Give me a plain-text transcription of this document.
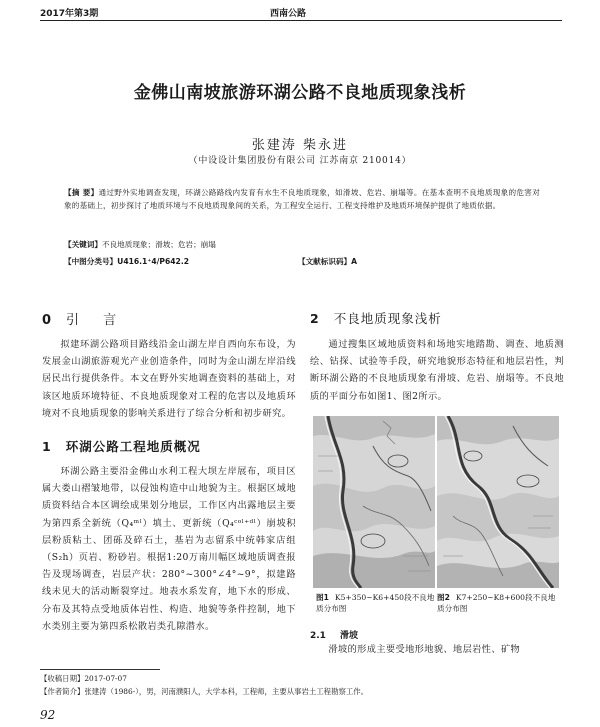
2017年第3期	西南公路
金佛山南坡旅游环湖公路不良地质现象浅析
张建涛 柴永进
（中设设计集团股份有限公司 江苏南京 210014）
【摘 要】通过野外实地调查发现，环湖公路路线内发育有水生不良地质现象，如滑坡、危岩、崩塌等。在基本查明不良地质现象的危害对象的基础上，初步探讨了地质环境与不良地质现象间的关系，为工程安全运行、工程支持维护及地质环境保护提供了地质依据。
【关键词】不良地质现象；滑坡；危岩；崩塌
【中图分类号】U416.1⁺4/P642.2	【文献标识码】A
0 引 言
拟建环湖公路项目路线沿金山湖左岸自西向东布设，为发展金山湖旅游观光产业创造条件，同时为金山湖左岸沿线居民出行提供条件。本文在野外实地调查资料的基础上，对该区地质环境特征、不良地质现象对工程的危害以及地质环境对不良地质现象的影响关系进行了综合分析和初步研究。
1 环湖公路工程地质概况
环湖公路主要沿金佛山水利工程大坝左岸展布，项目区属大娄山褶皱地带，以侵蚀构造中山地貌为主。根据区域地质资料结合本区调绘成果划分地层，工作区内出露地层主要为第四系全新统（Q₄ᵐˡ）填土、更新统（Q₄ᶜᵒˡ⁺ᵈˡ）崩坡积层粉质粘土、团砾及碎石土，基岩为志留系中统韩家店组（S₂h）页岩、粉砂岩。根据1:20万南川幅区域地质调查报告及现场调查，岩层产状：280°~300°∠4°~9°，拟建路线未见大的活动断裂穿过。地表水系发育，地下水的形成、分布及其特点受地质体岩性、构造、地貌等条件控制，地下水类别主要为第四系松散岩类孔隙潜水。
2 不良地质现象浅析
通过搜集区域地质资料和场地实地踏勘、调查、地质测绘、钻探、试验等手段，研究地貌形态特征和地层岩性，判断环湖公路的不良地质现象有滑坡、危岩、崩塌等。不良地质的平面分布如图1、图2所示。
图1 K5+350~K6+450段不良地质分布图
图2 K7+250~K8+600段不良地质分布图
2.1 滑坡
滑坡的形成主要受地形地貌、地层岩性、矿物
【收稿日期】2017-07-07
【作者简介】张建涛（1986-），男，河南濮阳人，大学本科，工程师，主要从事岩土工程勘察工作。
92
